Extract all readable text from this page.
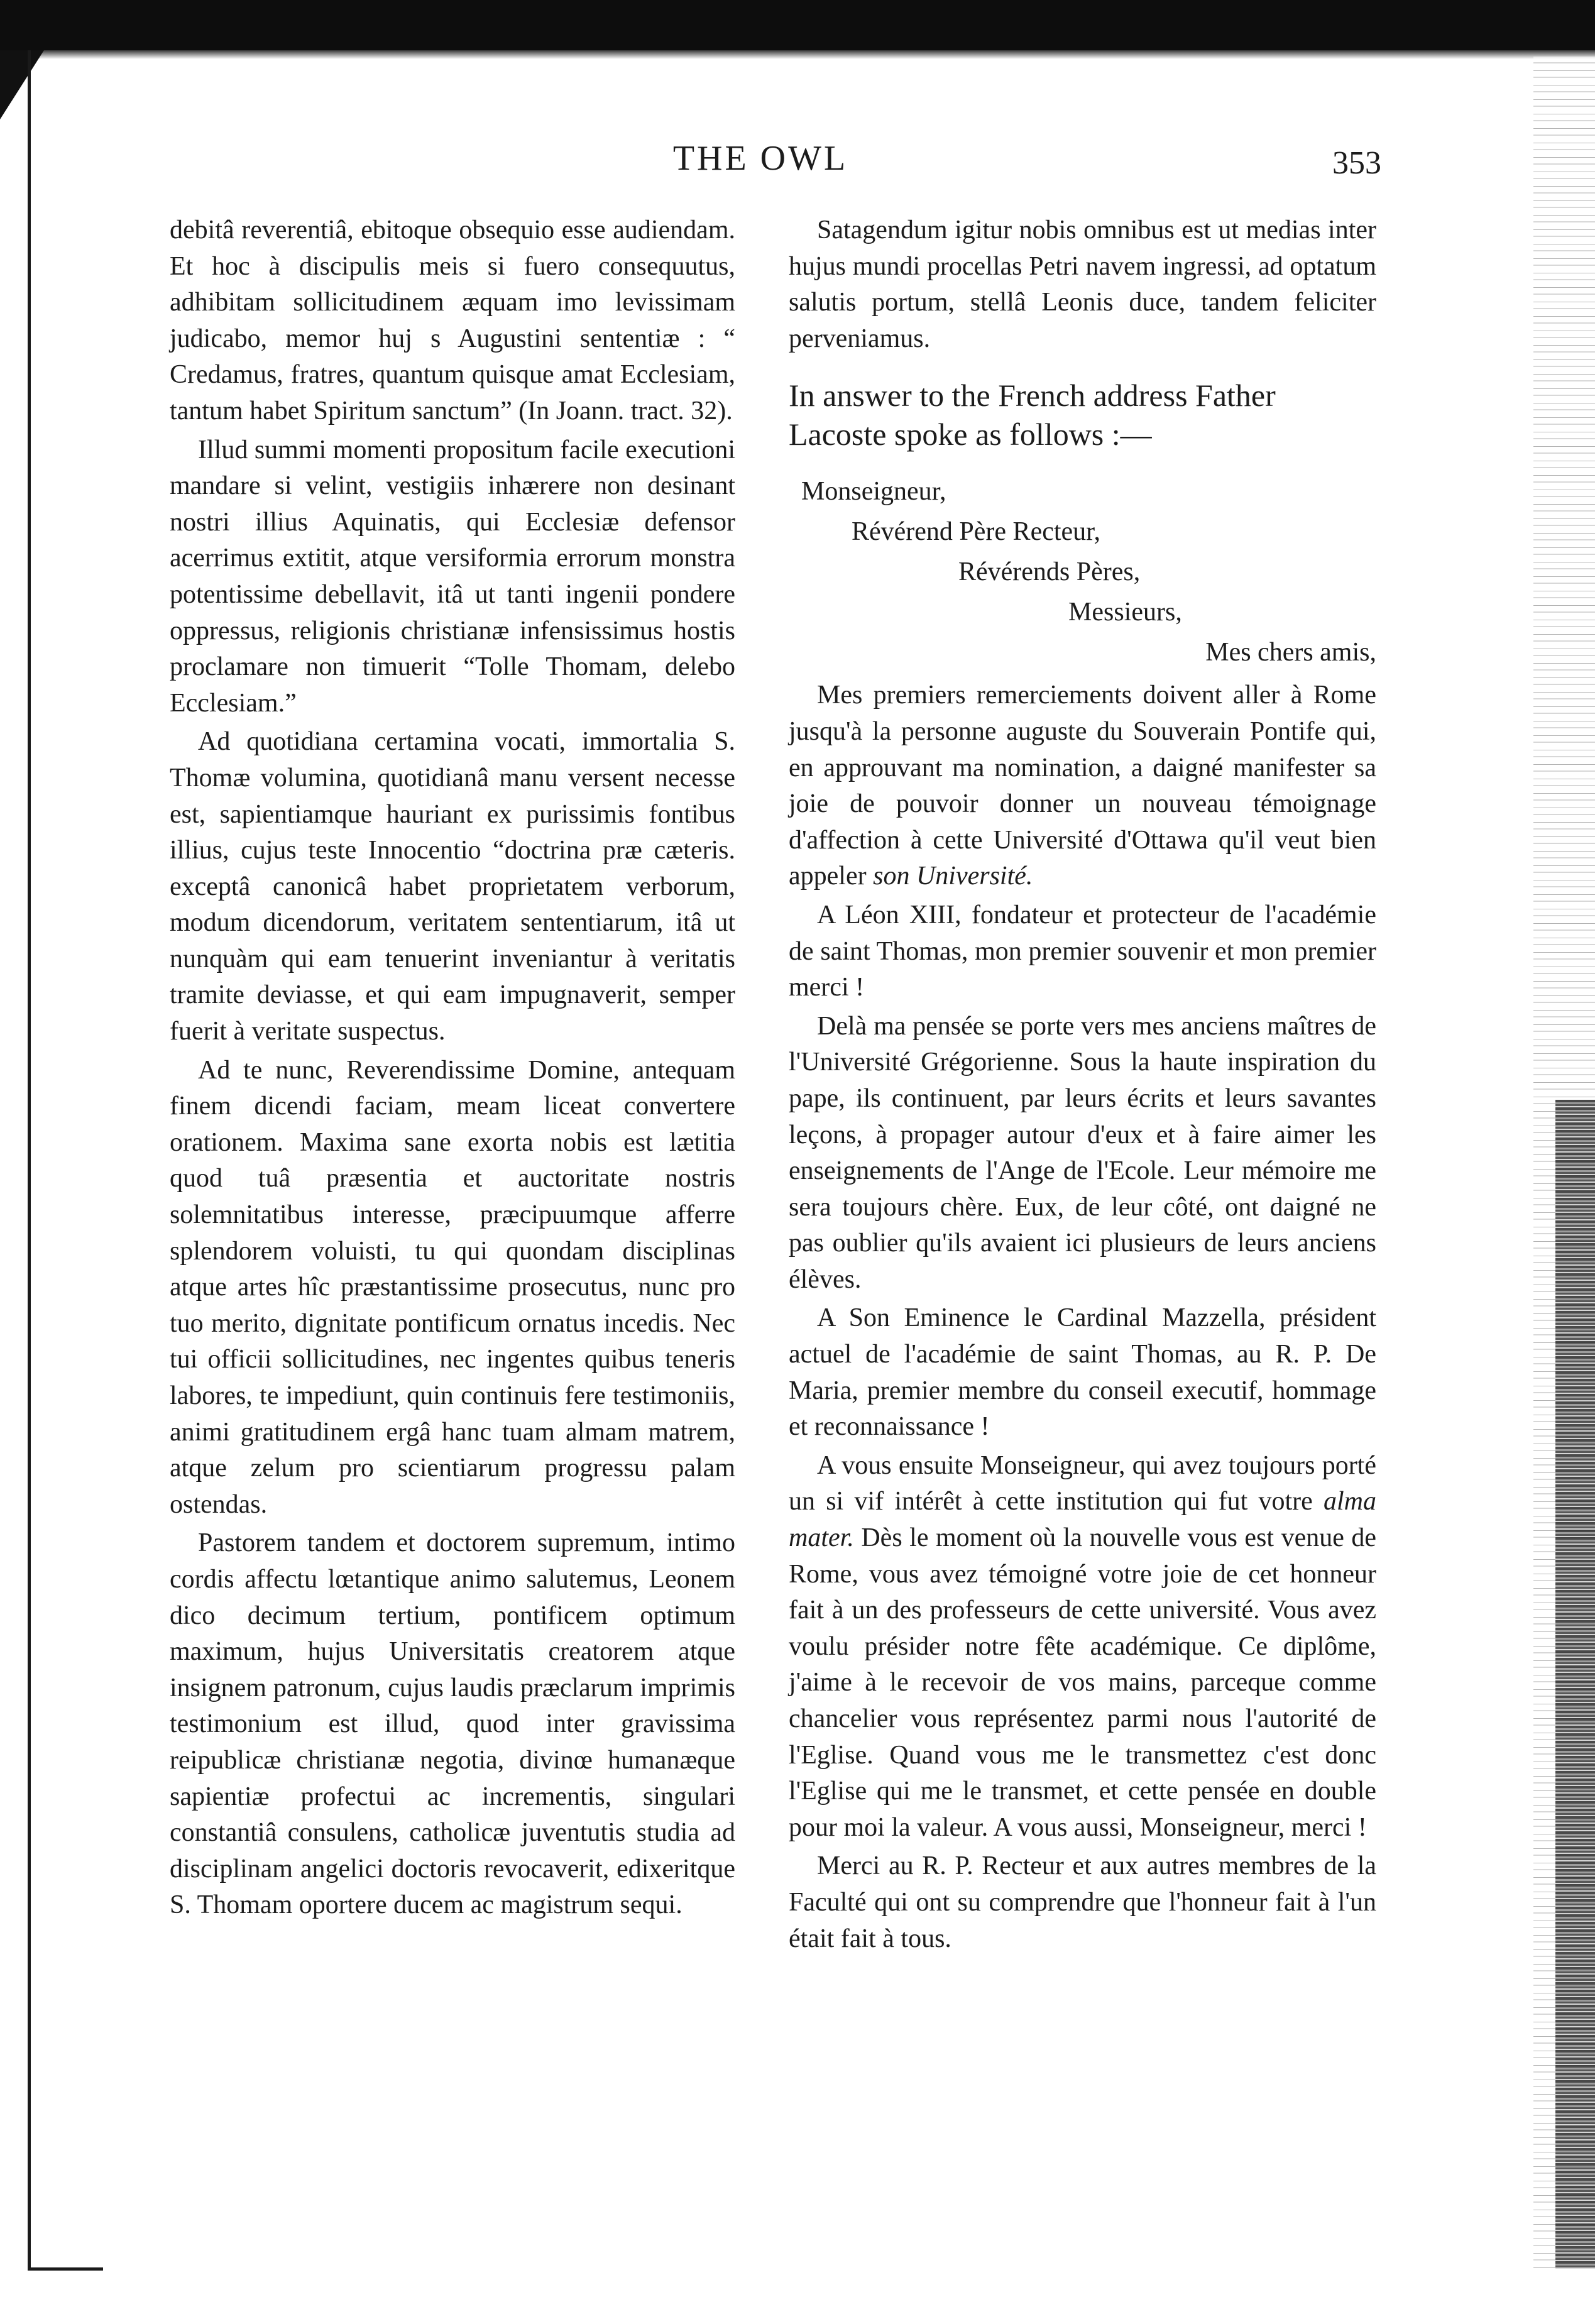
THE OWL	353

debitâ reverentiâ, ebitoque obsequio esse audiendam. Et hoc à discipulis meis si fuero consequutus, adhibitam sollicitudinem æquam imo levissimam judicabo, memor huj s Augustini sententiæ : “ Credamus, fratres, quantum quisque amat Ecclesiam, tantum habet Spiritum sanctum” (In Joann. tract. 32).

Illud summi momenti propositum facile executioni mandare si velint, vestigiis inhærere non desinant nostri illius Aquinatis, qui Ecclesiæ defensor acerrimus extitit, atque versiformia errorum monstra potentissime debellavit, itâ ut tanti ingenii pondere oppressus, religionis christianæ infensissimus hostis proclamare non timuerit “Tolle Thomam, delebo Ecclesiam.”

Ad quotidiana certamina vocati, immortalia S. Thomæ volumina, quotidianâ manu versent necesse est, sapientiamque hauriant ex purissimis fontibus illius, cujus teste Innocentio “doctrina præ cæteris. exceptâ canonicâ habet proprietatem verborum, modum dicendorum, veritatem sententiarum, itâ ut nunquàm qui eam tenuerint inveniantur à veritatis tramite deviasse, et qui eam impugnaverit, semper fuerit à veritate suspectus.

Ad te nunc, Reverendissime Domine, antequam finem dicendi faciam, meam liceat convertere orationem. Maxima sane exorta nobis est lætitia quod tuâ præsentia et auctoritate nostris solemnitatibus interesse, præcipuumque afferre splendorem voluisti, tu qui quondam disciplinas atque artes hîc præstantissime prosecutus, nunc pro tuo merito, dignitate pontificum ornatus incedis. Nec tui officii sollicitudines, nec ingentes quibus teneris labores, te impediunt, quin continuis fere testimoniis, animi gratitudinem ergâ hanc tuam almam matrem, atque zelum pro scientiarum progressu palam ostendas.

Pastorem tandem et doctorem supremum, intimo cordis affectu lœtantique animo salutemus, Leonem dico decimum tertium, pontificem optimum maximum, hujus Universitatis creatorem atque insignem patronum, cujus laudis præclarum imprimis testimonium est illud, quod inter gravissima reipublicæ christianæ negotia, divinœ humanæque sapientiæ profectui ac incrementis, singulari constantiâ consulens, catholicæ juventutis studia ad disciplinam angelici doctoris revocaverit, edixeritque S. Thomam oportere ducem ac magistrum sequi.

Satagendum igitur nobis omnibus est ut medias inter hujus mundi procellas Petri navem ingressi, ad optatum salutis portum, stellâ Leonis duce, tandem feliciter perveniamus.

In answer to the French address Father Lacoste spoke as follows :—

Monseigneur,

Révérend Père Recteur,

Révérends Pères,

Messieurs,

Mes chers amis,

Mes premiers remerciements doivent aller à Rome jusqu'à la personne auguste du Souverain Pontife qui, en approuvant ma nomination, a daigné manifester sa joie de pouvoir donner un nouveau témoignage d'affection à cette Université d'Ottawa qu'il veut bien appeler son Université.

A Léon XIII, fondateur et protecteur de l'académie de saint Thomas, mon premier souvenir et mon premier merci !

Delà ma pensée se porte vers mes anciens maîtres de l'Université Grégorienne. Sous la haute inspiration du pape, ils continuent, par leurs écrits et leurs savantes leçons, à propager autour d'eux et à faire aimer les enseignements de l'Ange de l'Ecole. Leur mémoire me sera toujours chère. Eux, de leur côté, ont daigné ne pas oublier qu'ils avaient ici plusieurs de leurs anciens élèves.

A Son Eminence le Cardinal Mazzella, président actuel de l'académie de saint Thomas, au R. P. De Maria, premier membre du conseil executif, hommage et reconnaissance !

A vous ensuite Monseigneur, qui avez toujours porté un si vif intérêt à cette institution qui fut votre alma mater. Dès le moment où la nouvelle vous est venue de Rome, vous avez témoigné votre joie de cet honneur fait à un des professeurs de cette université. Vous avez voulu présider notre fête académique. Ce diplôme, j'aime à le recevoir de vos mains, parceque comme chancelier vous représentez parmi nous l'autorité de l'Eglise. Quand vous me le transmettez c'est donc l'Eglise qui me le transmet, et cette pensée en double pour moi la valeur. A vous aussi, Monseigneur, merci !

Merci au R. P. Recteur et aux autres membres de la Faculté qui ont su comprendre que l'honneur fait à l'un était fait à tous.
